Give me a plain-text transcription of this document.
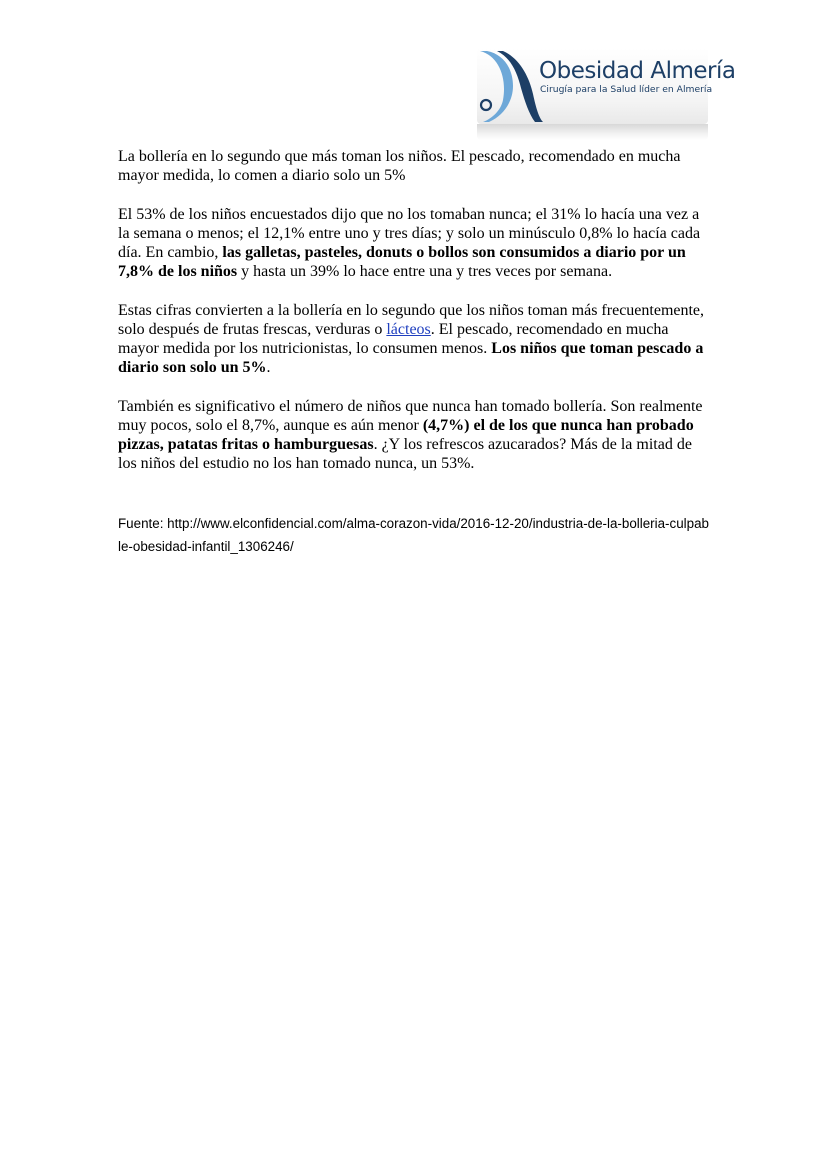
Obesidad Almería
Cirugía para la Salud líder en Almería

La bollería en lo segundo que más toman los niños. El pescado, recomendado en mucha mayor medida, lo comen a diario solo un 5%

El 53% de los niños encuestados dijo que no los tomaban nunca; el 31% lo hacía una vez a la semana o menos; el 12,1% entre uno y tres días; y solo un minúsculo 0,8% lo hacía cada día. En cambio, las galletas, pasteles, donuts o bollos son consumidos a diario por un 7,8% de los niños y hasta un 39% lo hace entre una y tres veces por semana.

Estas cifras convierten a la bollería en lo segundo que los niños toman más frecuentemente, solo después de frutas frescas, verduras o lácteos. El pescado, recomendado en mucha mayor medida por los nutricionistas, lo consumen menos. Los niños que toman pescado a diario son solo un 5%.

También es significativo el número de niños que nunca han tomado bollería. Son realmente muy pocos, solo el 8,7%, aunque es aún menor (4,7%) el de los que nunca han probado pizzas, patatas fritas o hamburguesas. ¿Y los refrescos azucarados? Más de la mitad de los niños del estudio no los han tomado nunca, un 53%.

Fuente: http://www.elconfidencial.com/alma-corazon-vida/2016-12-20/industria-de-la-bolleria-culpable-obesidad-infantil_1306246/
